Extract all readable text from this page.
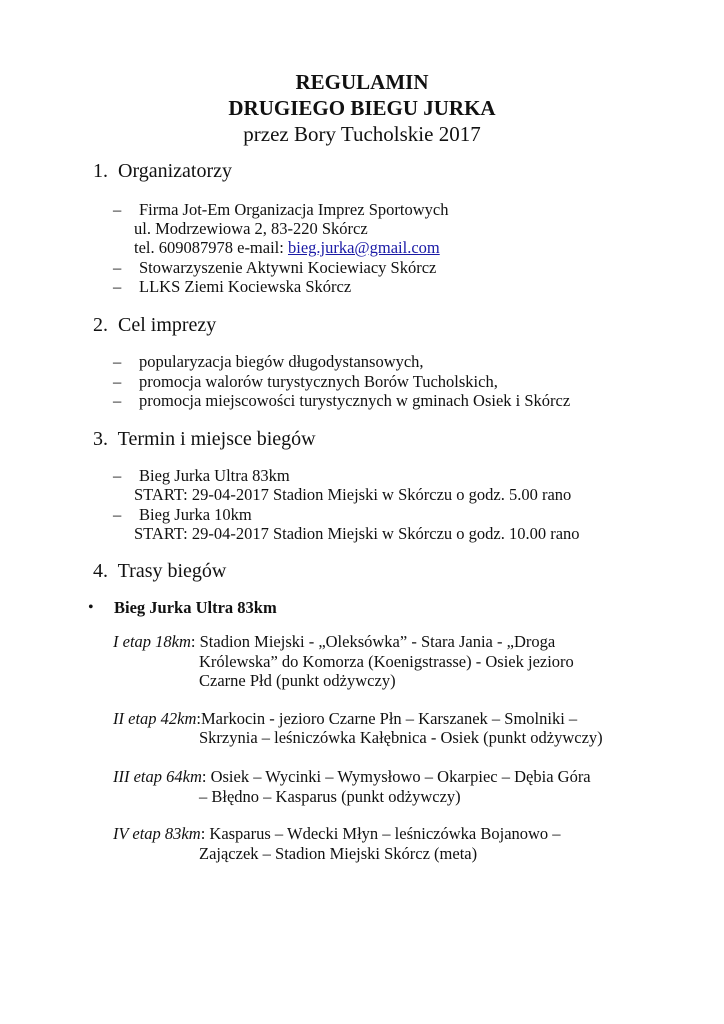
REGULAMIN
DRUGIEGO BIEGU JURKA
przez Bory Tucholskie 2017
1. Organizatorzy
– Firma Jot-Em Organizacja Imprez Sportowych
ul. Modrzewiowa 2, 83-220 Skórcz
tel. 609087978 e-mail: bieg.jurka@gmail.com
– Stowarzyszenie Aktywni Kociewiacy Skórcz
– LLKS Ziemi Kociewska Skórcz
2. Cel imprezy
– popularyzacja biegów długodystansowych,
– promocja walorów turystycznych Borów Tucholskich,
– promocja miejscowości turystycznych w gminach Osiek i Skórcz
3. Termin i miejsce biegów
– Bieg Jurka Ultra 83km
START: 29-04-2017 Stadion Miejski w Skórczu o godz. 5.00 rano
– Bieg Jurka 10km
START: 29-04-2017 Stadion Miejski w Skórczu o godz. 10.00 rano
4. Trasy biegów
• Bieg Jurka Ultra 83km
I etap 18km: Stadion Miejski - „Oleksówka” - Stara Jania - „Droga
Królewska” do Komorza (Koenigstrasse) - Osiek jezioro
Czarne Płd (punkt odżywczy)
II etap 42km:Markocin - jezioro Czarne Płn – Karszanek – Smolniki –
Skrzynia – leśniczówka Kałębnica - Osiek (punkt odżywczy)
III etap 64km: Osiek – Wycinki – Wymysłowo – Okarpiec – Dębia Góra
– Błędno – Kasparus (punkt odżywczy)
IV etap 83km: Kasparus – Wdecki Młyn – leśniczówka Bojanowo –
Zajączek – Stadion Miejski Skórcz (meta)
